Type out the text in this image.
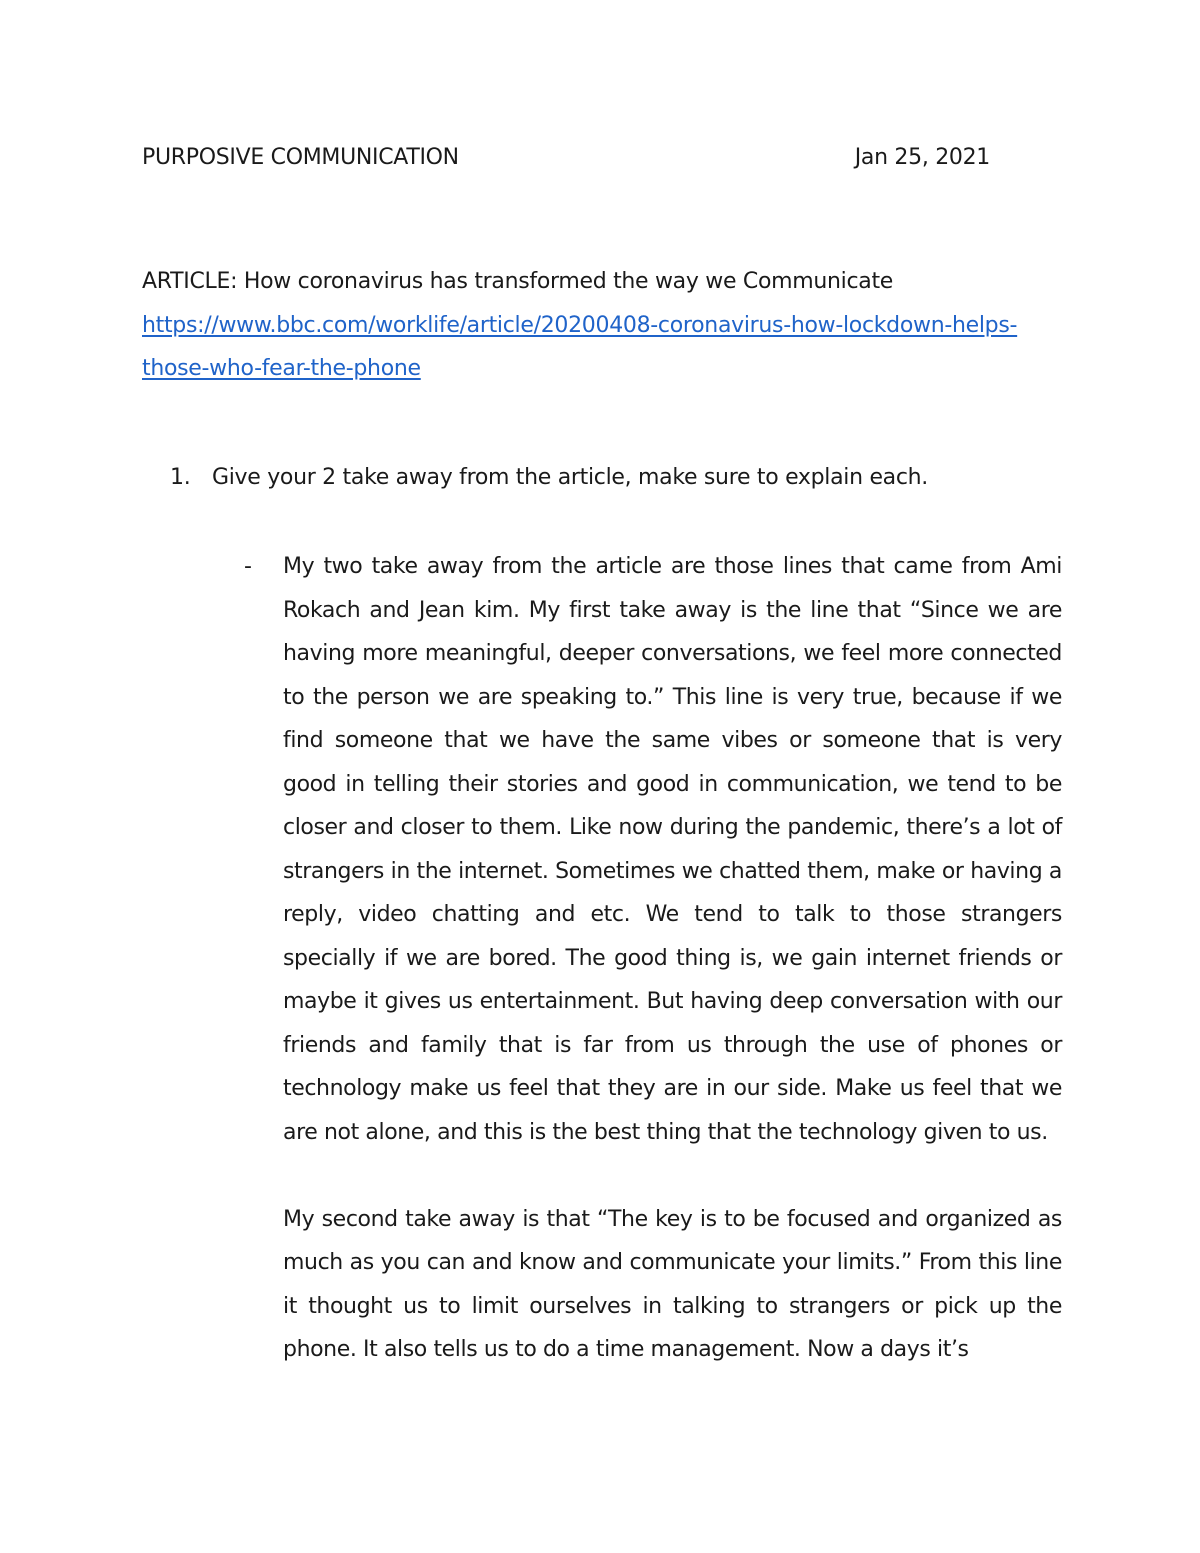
PURPOSIVE COMMUNICATION	Jan 25, 2021
ARTICLE: How coronavirus has transformed the way we Communicate
https://www.bbc.com/worklife/article/20200408-coronavirus-how-lockdown-helps-those-who-fear-the-phone
1. Give your 2 take away from the article, make sure to explain each.
- My two take away from the article are those lines that came from Ami Rokach and Jean kim. My first take away is the line that “Since we are having more meaningful, deeper conversations, we feel more connected to the person we are speaking to.” This line is very true, because if we find someone that we have the same vibes or someone that is very good in telling their stories and good in communication, we tend to be closer and closer to them. Like now during the pandemic, there’s a lot of strangers in the internet. Sometimes we chatted them, make or having a reply, video chatting and etc. We tend to talk to those strangers specially if we are bored. The good thing is, we gain internet friends or maybe it gives us entertainment. But having deep conversation with our friends and family that is far from us through the use of phones or technology make us feel that they are in our side. Make us feel that we are not alone, and this is the best thing that the technology given to us.

My second take away is that “The key is to be focused and organized as much as you can and know and communicate your limits.” From this line it thought us to limit ourselves in talking to strangers or pick up the phone. It also tells us to do a time management. Now a days it’s
